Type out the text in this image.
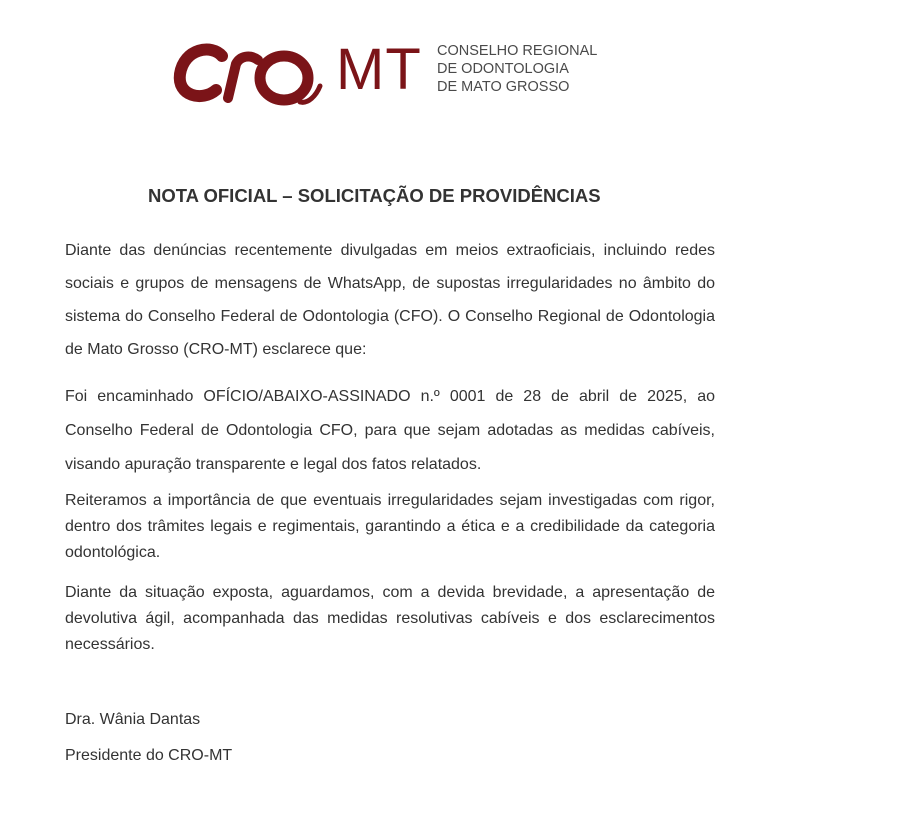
MT CONSELHO REGIONAL
DE ODONTOLOGIA
DE MATO GROSSO
NOTA OFICIAL – SOLICITAÇÃO DE PROVIDÊNCIAS

Diante das denúncias recentemente divulgadas em meios extraoficiais, incluindo redes sociais e grupos de mensagens de WhatsApp, de supostas irregularidades no âmbito do sistema do Conselho Federal de Odontologia (CFO). O Conselho Regional de Odontologia de Mato Grosso (CRO-MT) esclarece que:

Foi encaminhado OFÍCIO/ABAIXO-ASSINADO n.º 0001 de 28 de abril de 2025, ao Conselho Federal de Odontologia CFO, para que sejam adotadas as medidas cabíveis, visando apuração transparente e legal dos fatos relatados.

Reiteramos a importância de que eventuais irregularidades sejam investigadas com rigor, dentro dos trâmites legais e regimentais, garantindo a ética e a credibilidade da categoria odontológica.

Diante da situação exposta, aguardamos, com a devida brevidade, a apresentação de devolutiva ágil, acompanhada das medidas resolutivas cabíveis e dos esclarecimentos necessários.

Dra. Wânia Dantas
Presidente do CRO-MT
